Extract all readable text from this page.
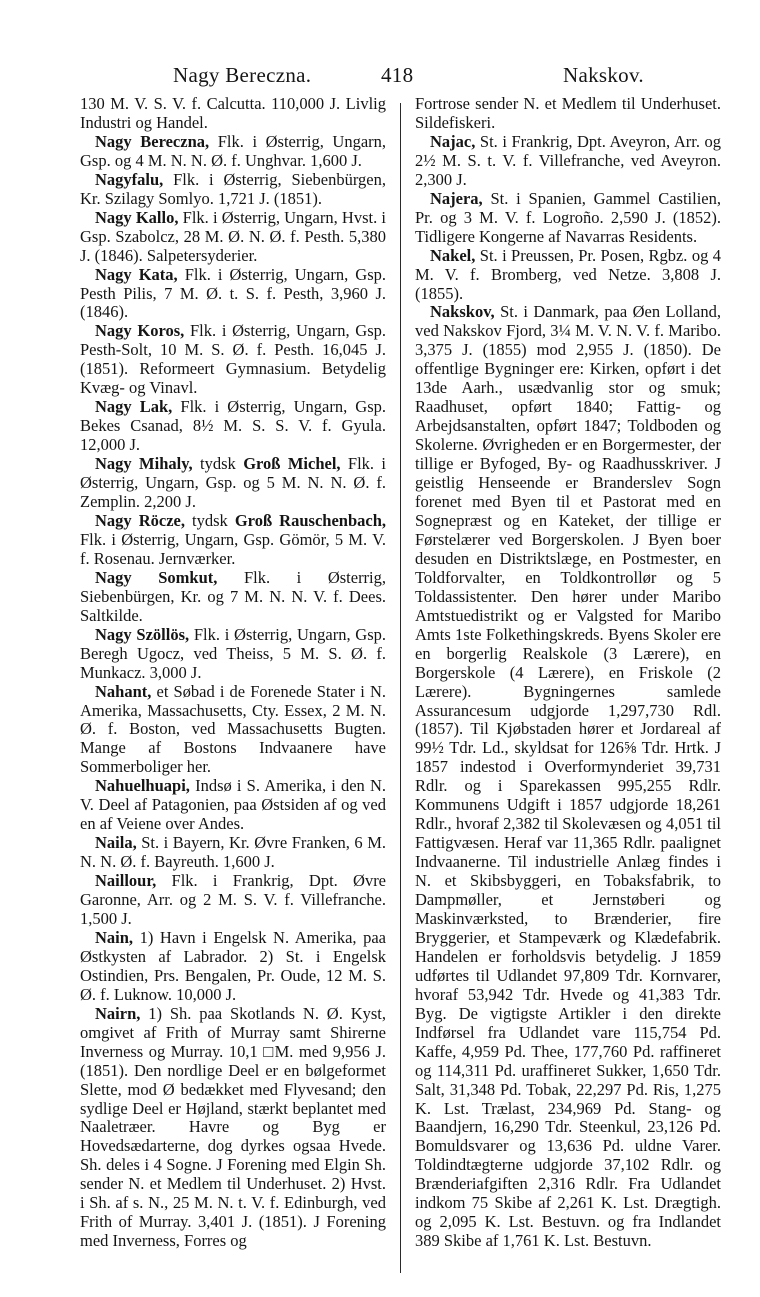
Nagy Bereczna.	418	Nakskov.

130 M. V. S. V. f. Calcutta. 110,000 J. Livlig Industri og Handel.

Nagy Bereczna, Flk. i Østerrig, Ungarn, Gsp. og 4 M. N. N. Ø. f. Unghvar. 1,600 J.

Nagyfalu, Flk. i Østerrig, Siebenbürgen, Kr. Szilagy Somlyo. 1,721 J. (1851).

Nagy Kallo, Flk. i Østerrig, Ungarn, Hvst. i Gsp. Szabolcz, 28 M. Ø. N. Ø. f. Pesth. 5,380 J. (1846). Salpetersyderier.

Nagy Kata, Flk. i Østerrig, Ungarn, Gsp. Pesth Pilis, 7 M. Ø. t. S. f. Pesth, 3,960 J. (1846).

Nagy Koros, Flk. i Østerrig, Ungarn, Gsp. Pesth-Solt, 10 M. S. Ø. f. Pesth. 16,045 J. (1851). Reformeert Gymnasium. Betydelig Kvæg- og Vinavl.

Nagy Lak, Flk. i Østerrig, Ungarn, Gsp. Bekes Csanad, 8½ M. S. S. V. f. Gyula. 12,000 J.

Nagy Mihaly, tydsk Groß Michel, Flk. i Østerrig, Ungarn, Gsp. og 5 M. N. N. Ø. f. Zemplin. 2,200 J.

Nagy Röcze, tydsk Groß Rauschenbach, Flk. i Østerrig, Ungarn, Gsp. Gömör, 5 M. V. f. Rosenau. Jernværker.

Nagy Somkut, Flk. i Østerrig, Siebenbürgen, Kr. og 7 M. N. N. V. f. Dees. Saltkilde.

Nagy Szöllös, Flk. i Østerrig, Ungarn, Gsp. Beregh Ugocz, ved Theiss, 5 M. S. Ø. f. Munkacz. 3,000 J.

Nahant, et Søbad i de Forenede Stater i N. Amerika, Massachusetts, Cty. Essex, 2 M. N. Ø. f. Boston, ved Massachusetts Bugten. Mange af Bostons Indvaanere have Sommerboliger her.

Nahuelhuapi, Indsø i S. Amerika, i den N. V. Deel af Patagonien, paa Østsiden af og ved en af Veiene over Andes.

Naila, St. i Bayern, Kr. Øvre Franken, 6 M. N. N. Ø. f. Bayreuth. 1,600 J.

Naillour, Flk. i Frankrig, Dpt. Øvre Garonne, Arr. og 2 M. S. V. f. Villefranche. 1,500 J.

Nain, 1) Havn i Engelsk N. Amerika, paa Østkysten af Labrador. 2) St. i Engelsk Ostindien, Prs. Bengalen, Pr. Oude, 12 M. S. Ø. f. Luknow. 10,000 J.

Nairn, 1) Sh. paa Skotlands N. Ø. Kyst, omgivet af Frith of Murray samt Shirerne Inverness og Murray. 10,1 □M. med 9,956 J. (1851). Den nordlige Deel er en bølgeformet Slette, mod Ø bedækket med Flyvesand; den sydlige Deel er Højland, stærkt beplantet med Naaletræer. Havre og Byg er Hovedsædarterne, dog dyrkes ogsaa Hvede. Sh. deles i 4 Sogne. J Forening med Elgin Sh. sender N. et Medlem til Underhuset. 2) Hvst. i Sh. af s. N., 25 M. N. t. V. f. Edinburgh, ved Frith of Murray. 3,401 J. (1851). J Forening med Inverness, Forres og

Fortrose sender N. et Medlem til Underhuset. Sildefiskeri.

Najac, St. i Frankrig, Dpt. Aveyron, Arr. og 2½ M. S. t. V. f. Villefranche, ved Aveyron. 2,300 J.

Najera, St. i Spanien, Gammel Castilien, Pr. og 3 M. V. f. Logroño. 2,590 J. (1852). Tidligere Kongerne af Navarras Residents.

Nakel, St. i Preussen, Pr. Posen, Rgbz. og 4 M. V. f. Bromberg, ved Netze. 3,808 J. (1855).

Nakskov, St. i Danmark, paa Øen Lolland, ved Nakskov Fjord, 3¼ M. V. N. V. f. Maribo. 3,375 J. (1855) mod 2,955 J. (1850). De offentlige Bygninger ere: Kirken, opført i det 13de Aarh., usædvanlig stor og smuk; Raadhuset, opført 1840; Fattig- og Arbejdsanstalten, opført 1847; Toldboden og Skolerne. Øvrigheden er en Borgermester, der tillige er Byfoged, By- og Raadhusskriver. J geistlig Henseende er Branderslev Sogn forenet med Byen til et Pastorat med en Sognepræst og en Kateket, der tillige er Førstelærer ved Borgerskolen. J Byen boer desuden en Distriktslæge, en Postmester, en Toldforvalter, en Toldkontrollør og 5 Toldassistenter. Den hører under Maribo Amtstuedistrikt og er Valgsted for Maribo Amts 1ste Folkethingskreds. Byens Skoler ere en borgerlig Realskole (3 Lærere), en Borgerskole (4 Lærere), en Friskole (2 Lærere). Bygningernes samlede Assurancesum udgjorde 1,297,730 Rdl. (1857). Til Kjøbstaden hører et Jordareal af 99½ Tdr. Ld., skyldsat for 126⅝ Tdr. Hrtk. J 1857 indestod i Overformynderiet 39,731 Rdlr. og i Sparekassen 995,255 Rdlr. Kommunens Udgift i 1857 udgjorde 18,261 Rdlr., hvoraf 2,382 til Skolevæsen og 4,051 til Fattigvæsen. Heraf var 11,365 Rdlr. paalignet Indvaanerne. Til industrielle Anlæg findes i N. et Skibsbyggeri, en Tobaksfabrik, to Dampmøller, et Jernstøberi og Maskinværksted, to Brænderier, fire Bryggerier, et Stampeværk og Klædefabrik. Handelen er forholdsvis betydelig. J 1859 udførtes til Udlandet 97,809 Tdr. Kornvarer, hvoraf 53,942 Tdr. Hvede og 41,383 Tdr. Byg. De vigtigste Artikler i den direkte Indførsel fra Udlandet vare 115,754 Pd. Kaffe, 4,959 Pd. Thee, 177,760 Pd. raffineret og 114,311 Pd. uraffineret Sukker, 1,650 Tdr. Salt, 31,348 Pd. Tobak, 22,297 Pd. Ris, 1,275 K. Lst. Trælast, 234,969 Pd. Stang- og Baandjern, 16,290 Tdr. Steenkul, 23,126 Pd. Bomuldsvarer og 13,636 Pd. uldne Varer. Toldindtægterne udgjorde 37,102 Rdlr. og Brænderiafgiften 2,316 Rdlr. Fra Udlandet indkom 75 Skibe af 2,261 K. Lst. Drægtigh. og 2,095 K. Lst. Bestuvn. og fra Indlandet 389 Skibe af 1,761 K. Lst. Bestuvn.
